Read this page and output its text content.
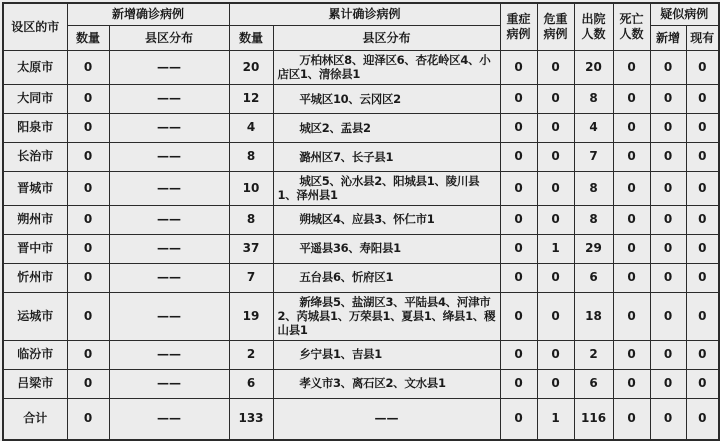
设区的市	新增确诊病例		累计确诊病例		重症病例	危重病例	出院人数	死亡人数	疑似病例	
	数量	县区分布	数量	县区分布					新增	现有
太原市	0	——	20	万柏林区8、迎泽区6、杏花岭区4、小店区1、清徐县1	0	0	20	0	0	0
大同市	0	——	12	平城区10、云冈区2	0	0	8	0	0	0
阳泉市	0	——	4	城区2、盂县2	0	0	4	0	0	0
长治市	0	——	8	潞州区7、长子县1	0	0	7	0	0	0
晋城市	0	——	10	城区5、沁水县2、阳城县1、陵川县1、泽州县1	0	0	8	0	0	0
朔州市	0	——	8	朔城区4、应县3、怀仁市1	0	0	8	0	0	0
晋中市	0	——	37	平遥县36、寿阳县1	0	1	29	0	0	0
忻州市	0	——	7	五台县6、忻府区1	0	0	6	0	0	0
运城市	0	——	19	新绛县5、盐湖区3、平陆县4、河津市2、芮城县1、万荣县1、夏县1、绛县1、稷山县1	0	0	18	0	0	0
临汾市	0	——	2	乡宁县1、吉县1	0	0	2	0	0	0
吕梁市	0	——	6	孝义市3、离石区2、文水县1	0	0	6	0	0	0
合计	0	——	133	——	0	1	116	0	0	0
